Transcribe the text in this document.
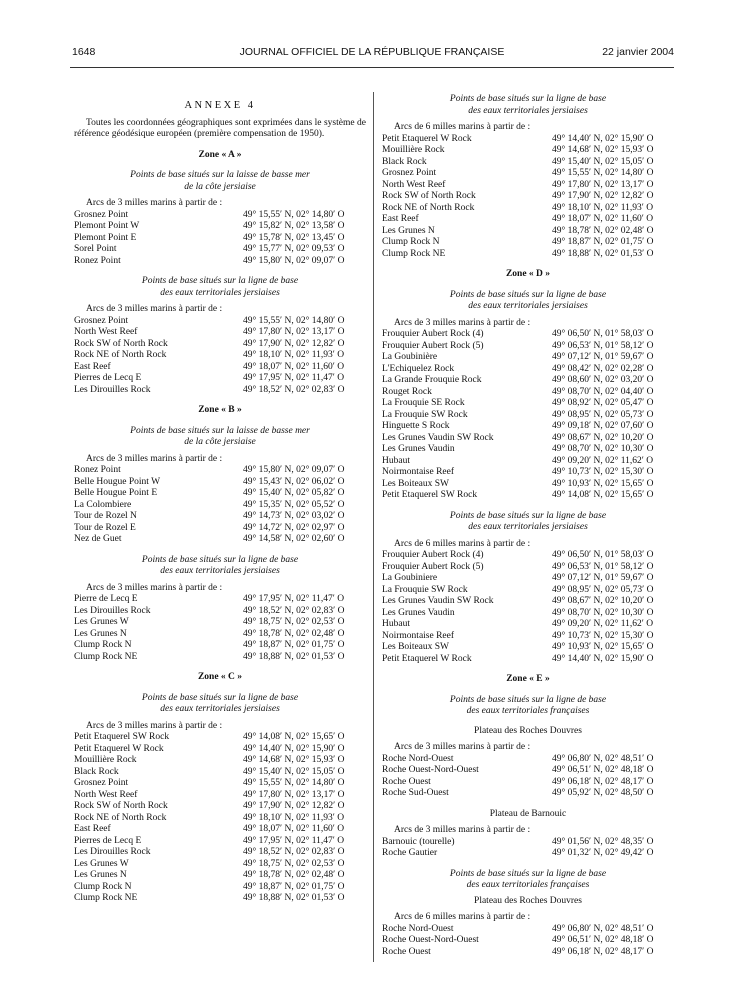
1648	JOURNAL OFFICIEL DE LA RÉPUBLIQUE FRANÇAISE	22 janvier 2004
ANNEXE 4
Toutes les coordonnées géographiques sont exprimées dans le système de référence géodésique européen (première compensation de 1950).
Zone « A »
Points de base situés sur la laisse de basse mer
de la côte jersiaise
Arcs de 3 milles marins à partir de :
Grosnez Point	49° 15,55′ N, 02° 14,80′ O
Plemont Point W	49° 15,82′ N, 02° 13,58′ O
Plemont Point E	49° 15,78′ N, 02° 13,45′ O
Sorel Point	49° 15,77′ N, 02° 09,53′ O
Ronez Point	49° 15,80′ N, 02° 09,07′ O
Points de base situés sur la ligne de base
des eaux territoriales jersiaises
Arcs de 3 milles marins à partir de :
Grosnez Point	49° 15,55′ N, 02° 14,80′ O
North West Reef	49° 17,80′ N, 02° 13,17′ O
Rock SW of North Rock	49° 17,90′ N, 02° 12,82′ O
Rock NE of North Rock	49° 18,10′ N, 02° 11,93′ O
East Reef	49° 18,07′ N, 02° 11,60′ O
Pierres de Lecq E	49° 17,95′ N, 02° 11,47′ O
Les Dirouilles Rock	49° 18,52′ N, 02° 02,83′ O
Zone « B »
Points de base situés sur la laisse de basse mer
de la côte jersiaise
Arcs de 3 milles marins à partir de :
Ronez Point	49° 15,80′ N, 02° 09,07′ O
Belle Hougue Point W	49° 15,43′ N, 02° 06,02′ O
Belle Hougue Point E	49° 15,40′ N, 02° 05,82′ O
La Colombiere	49° 15,35′ N, 02° 05,52′ O
Tour de Rozel N	49° 14,73′ N, 02° 03,02′ O
Tour de Rozel E	49° 14,72′ N, 02° 02,97′ O
Nez de Guet	49° 14,58′ N, 02° 02,60′ O
Points de base situés sur la ligne de base
des eaux territoriales jersiaises
Arcs de 3 milles marins à partir de :
Pierre de Lecq E	49° 17,95′ N, 02° 11,47′ O
Les Dirouilles Rock	49° 18,52′ N, 02° 02,83′ O
Les Grunes W	49° 18,75′ N, 02° 02,53′ O
Les Grunes N	49° 18,78′ N, 02° 02,48′ O
Clump Rock N	49° 18,87′ N, 02° 01,75′ O
Clump Rock NE	49° 18,88′ N, 02° 01,53′ O
Zone « C »
Points de base situés sur la ligne de base
des eaux territoriales jersiaises
Arcs de 3 milles marins à partir de :
Petit Etaquerel SW Rock	49° 14,08′ N, 02° 15,65′ O
Petit Etaquerel W Rock	49° 14,40′ N, 02° 15,90′ O
Mouillière Rock	49° 14,68′ N, 02° 15,93′ O
Black Rock	49° 15,40′ N, 02° 15,05′ O
Grosnez Point	49° 15,55′ N, 02° 14,80′ O
North West Reef	49° 17,80′ N, 02° 13,17′ O
Rock SW of North Rock	49° 17,90′ N, 02° 12,82′ O
Rock NE of North Rock	49° 18,10′ N, 02° 11,93′ O
East Reef	49° 18,07′ N, 02° 11,60′ O
Pierres de Lecq E	49° 17,95′ N, 02° 11,47′ O
Les Dirouilles Rock	49° 18,52′ N, 02° 02,83′ O
Les Grunes W	49° 18,75′ N, 02° 02,53′ O
Les Grunes N	49° 18,78′ N, 02° 02,48′ O
Clump Rock N	49° 18,87′ N, 02° 01,75′ O
Clump Rock NE	49° 18,88′ N, 02° 01,53′ O
Points de base situés sur la ligne de base
des eaux territoriales jersiaises
Arcs de 6 milles marins à partir de :
Petit Etaquerel W Rock	49° 14,40′ N, 02° 15,90′ O
Mouillière Rock	49° 14,68′ N, 02° 15,93′ O
Black Rock	49° 15,40′ N, 02° 15,05′ O
Grosnez Point	49° 15,55′ N, 02° 14,80′ O
North West Reef	49° 17,80′ N, 02° 13,17′ O
Rock SW of North Rock	49° 17,90′ N, 02° 12,82′ O
Rock NE of North Rock	49° 18,10′ N, 02° 11,93′ O
East Reef	49° 18,07′ N, 02° 11,60′ O
Les Grunes N	49° 18,78′ N, 02° 02,48′ O
Clump Rock N	49° 18,87′ N, 02° 01,75′ O
Clump Rock NE	49° 18,88′ N, 02° 01,53′ O
Zone « D »
Points de base situés sur la ligne de base
des eaux territoriales jersiaises
Arcs de 3 milles marins à partir de :
Frouquier Aubert Rock (4)	49° 06,50′ N, 01° 58,03′ O
Frouquier Aubert Rock (5)	49° 06,53′ N, 01° 58,12′ O
La Goubinière	49° 07,12′ N, 01° 59,67′ O
L'Echiquelez Rock	49° 08,42′ N, 02° 02,28′ O
La Grande Frouquie Rock	49° 08,60′ N, 02° 03,20′ O
Rouget Rock	49° 08,70′ N, 02° 04,40′ O
La Frouquie SE Rock	49° 08,92′ N, 02° 05,47′ O
La Frouquie SW Rock	49° 08,95′ N, 02° 05,73′ O
Hinguette S Rock	49° 09,18′ N, 02° 07,60′ O
Les Grunes Vaudin SW Rock	49° 08,67′ N, 02° 10,20′ O
Les Grunes Vaudin	49° 08,70′ N, 02° 10,30′ O
Hubaut	49° 09,20′ N, 02° 11,62′ O
Noirmontaise Reef	49° 10,73′ N, 02° 15,30′ O
Les Boiteaux SW	49° 10,93′ N, 02° 15,65′ O
Petit Etaquerel SW Rock	49° 14,08′ N, 02° 15,65′ O
Points de base situés sur la ligne de base
des eaux territoriales jersiaises
Arcs de 6 milles marins à partir de :
Frouquier Aubert Rock (4)	49° 06,50′ N, 01° 58,03′ O
Frouquier Aubert Rock (5)	49° 06,53′ N, 01° 58,12′ O
La Goubiniere	49° 07,12′ N, 01° 59,67′ O
La Frouquie SW Rock	49° 08,95′ N, 02° 05,73′ O
Les Grunes Vaudin SW Rock	49° 08,67′ N, 02° 10,20′ O
Les Grunes Vaudin	49° 08,70′ N, 02° 10,30′ O
Hubaut	49° 09,20′ N, 02° 11,62′ O
Noirmontaise Reef	49° 10,73′ N, 02° 15,30′ O
Les Boiteaux SW	49° 10,93′ N, 02° 15,65′ O
Petit Etaquerel W Rock	49° 14,40′ N, 02° 15,90′ O
Zone « E »
Points de base situés sur la ligne de base
des eaux territoriales françaises
Plateau des Roches Douvres
Arcs de 3 milles marins à partir de :
Roche Nord-Ouest	49° 06,80′ N, 02° 48,51′ O
Roche Ouest-Nord-Ouest	49° 06,51′ N, 02° 48,18′ O
Roche Ouest	49° 06,18′ N, 02° 48,17′ O
Roche Sud-Ouest	49° 05,92′ N, 02° 48,50′ O
Plateau de Barnouic
Arcs de 3 milles marins à partir de :
Barnouic (tourelle)	49° 01,56′ N, 02° 48,35′ O
Roche Gautier	49° 01,32′ N, 02° 49,42′ O
Points de base situés sur la ligne de base
des eaux territoriales françaises
Plateau des Roches Douvres
Arcs de 6 milles marins à partir de :
Roche Nord-Ouest	49° 06,80′ N, 02° 48,51′ O
Roche Ouest-Nord-Ouest	49° 06,51′ N, 02° 48,18′ O
Roche Ouest	49° 06,18′ N, 02° 48,17′ O
